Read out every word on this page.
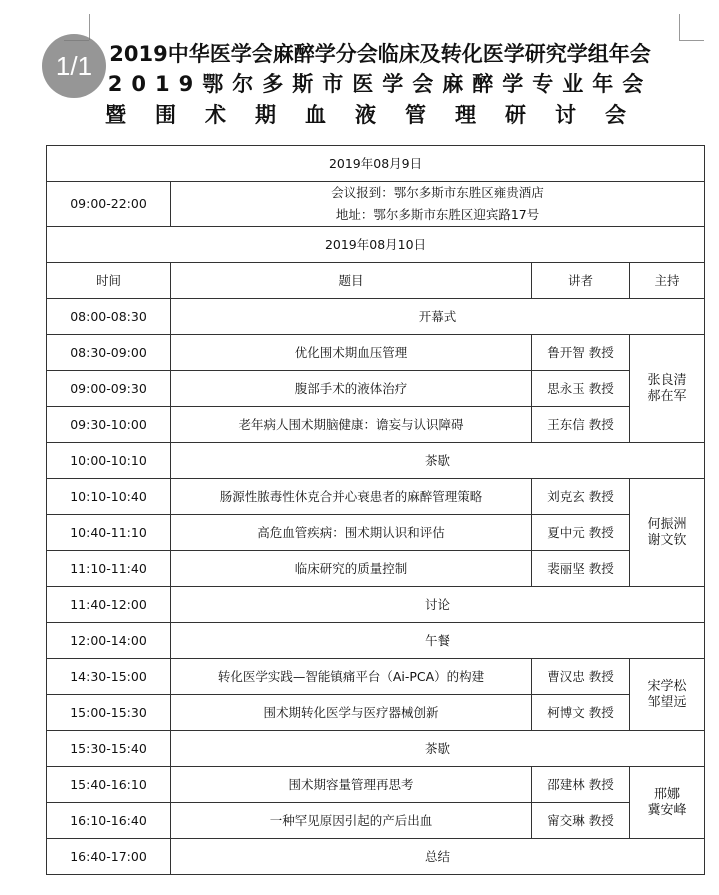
1/1 2019中华医学会麻醉学分会临床及转化医学研究学组年会
2019鄂尔多斯市医学会麻醉学专业年会
暨围术期血液管理研讨会
2019年08月9日			
09:00-22:00	会议报到：鄂尔多斯市东胜区雍贵酒店
地址：鄂尔多斯市东胜区迎宾路17号		

2019年08月10日			
时间	题目	讲者	主持
08:00-08:30	开幕式		
08:30-09:00	优化围术期血压管理	鲁开智 教授	张良清
郝在军

09:00-09:30	腹部手术的液体治疗	思永玉 教授	
09:30-10:00	老年病人围术期脑健康：谵妄与认识障碍	王东信 教授	
10:00-10:10	茶歇		
10:10-10:40	肠源性脓毒性休克合并心衰患者的麻醉管理策略	刘克玄 教授	何振洲
谢文钦

10:40-11:10	高危血管疾病：围术期认识和评估	夏中元 教授	
11:10-11:40	临床研究的质量控制	裴丽坚 教授	
11:40-12:00	讨论		
12:00-14:00	午餐		
14:30-15:00	转化医学实践—智能镇痛平台（Ai-PCA）的构建	曹汉忠 教授	宋学松
邹望远

15:00-15:30	围术期转化医学与医疗器械创新	柯博文 教授	
15:30-15:40	茶歇		
15:40-16:10	围术期容量管理再思考	邵建林 教授	邢娜
冀安峰

16:10-16:40	一种罕见原因引起的产后出血	甯交琳 教授	
16:40-17:00	总结		
